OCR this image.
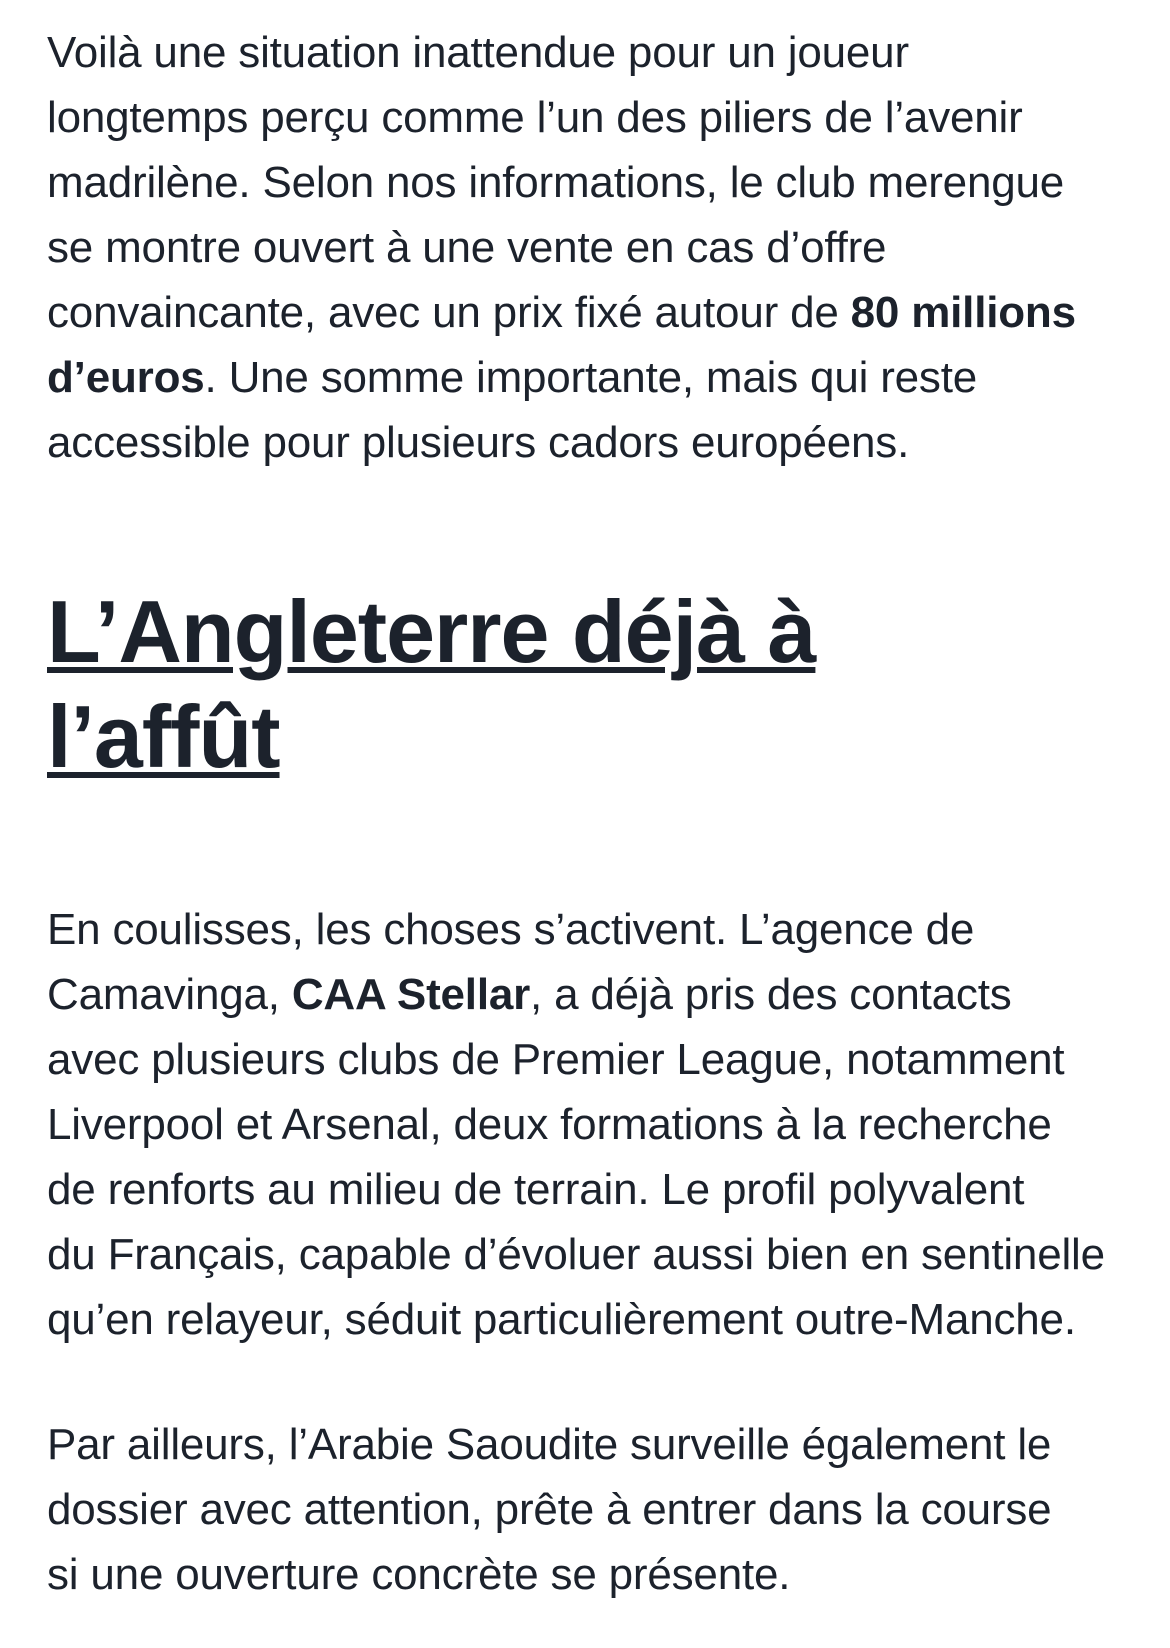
Voilà une situation inattendue pour un joueur
longtemps perçu comme l’un des piliers de l’avenir
madrilène. Selon nos informations, le club merengue
se montre ouvert à une vente en cas d’offre
convaincante, avec un prix fixé autour de 80 millions
d’euros. Une somme importante, mais qui reste
accessible pour plusieurs cadors européens.

L’Angleterre déjà à
l’affût

En coulisses, les choses s’activent. L’agence de
Camavinga, CAA Stellar, a déjà pris des contacts
avec plusieurs clubs de Premier League, notamment
Liverpool et Arsenal, deux formations à la recherche
de renforts au milieu de terrain. Le profil polyvalent
du Français, capable d’évoluer aussi bien en sentinelle
qu’en relayeur, séduit particulièrement outre-Manche.

Par ailleurs, l’Arabie Saoudite surveille également le
dossier avec attention, prête à entrer dans la course
si une ouverture concrète se présente.
